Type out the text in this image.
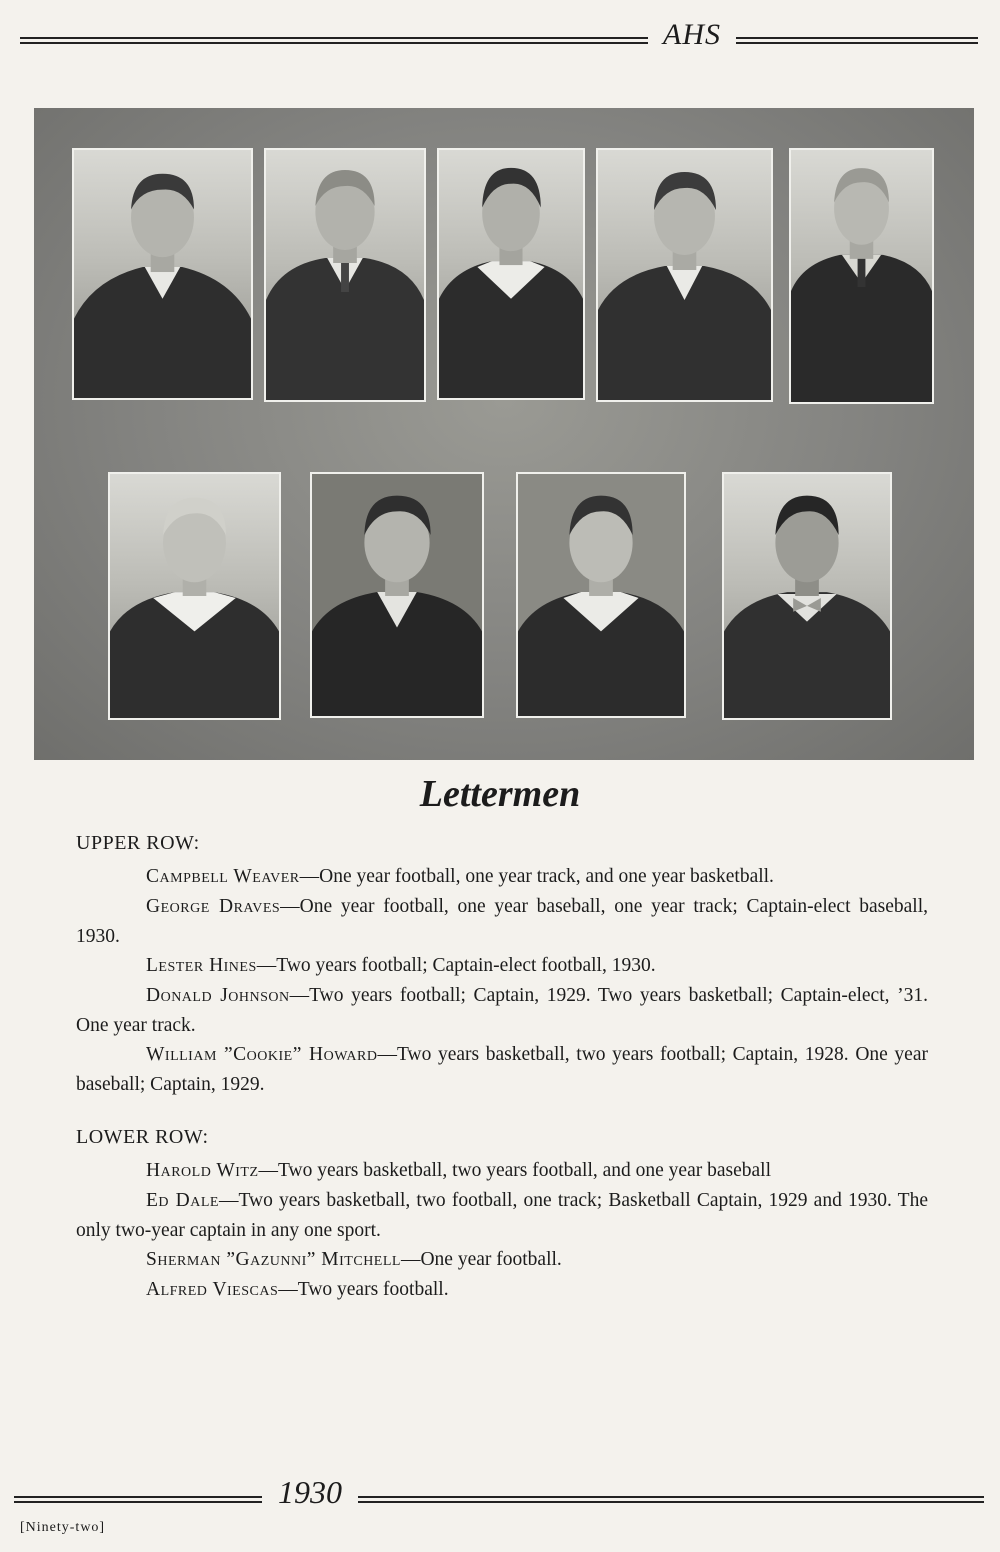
AHS
Lettermen
UPPER ROW:

Campbell Weaver—One year football, one year track, and one year basketball.

George Draves—One year football, one year baseball, one year track; Captain-elect baseball, 1930.

Lester Hines—Two years football; Captain-elect football, 1930.

Donald Johnson—Two years football; Captain, 1929. Two years basketball; Captain-elect, ’31. One year track.

William ”Cookie” Howard—Two years basketball, two years football; Captain, 1928. One year baseball; Captain, 1929.

LOWER ROW:

Harold Witz—Two years basketball, two years football, and one year baseball

Ed Dale—Two years basketball, two football, one track; Basketball Captain, 1929 and 1930. The only two-year captain in any one sport.

Sherman ”Gazunni” Mitchell—One year football.

Alfred Viescas—Two years football.

1930
[Ninety-two]
